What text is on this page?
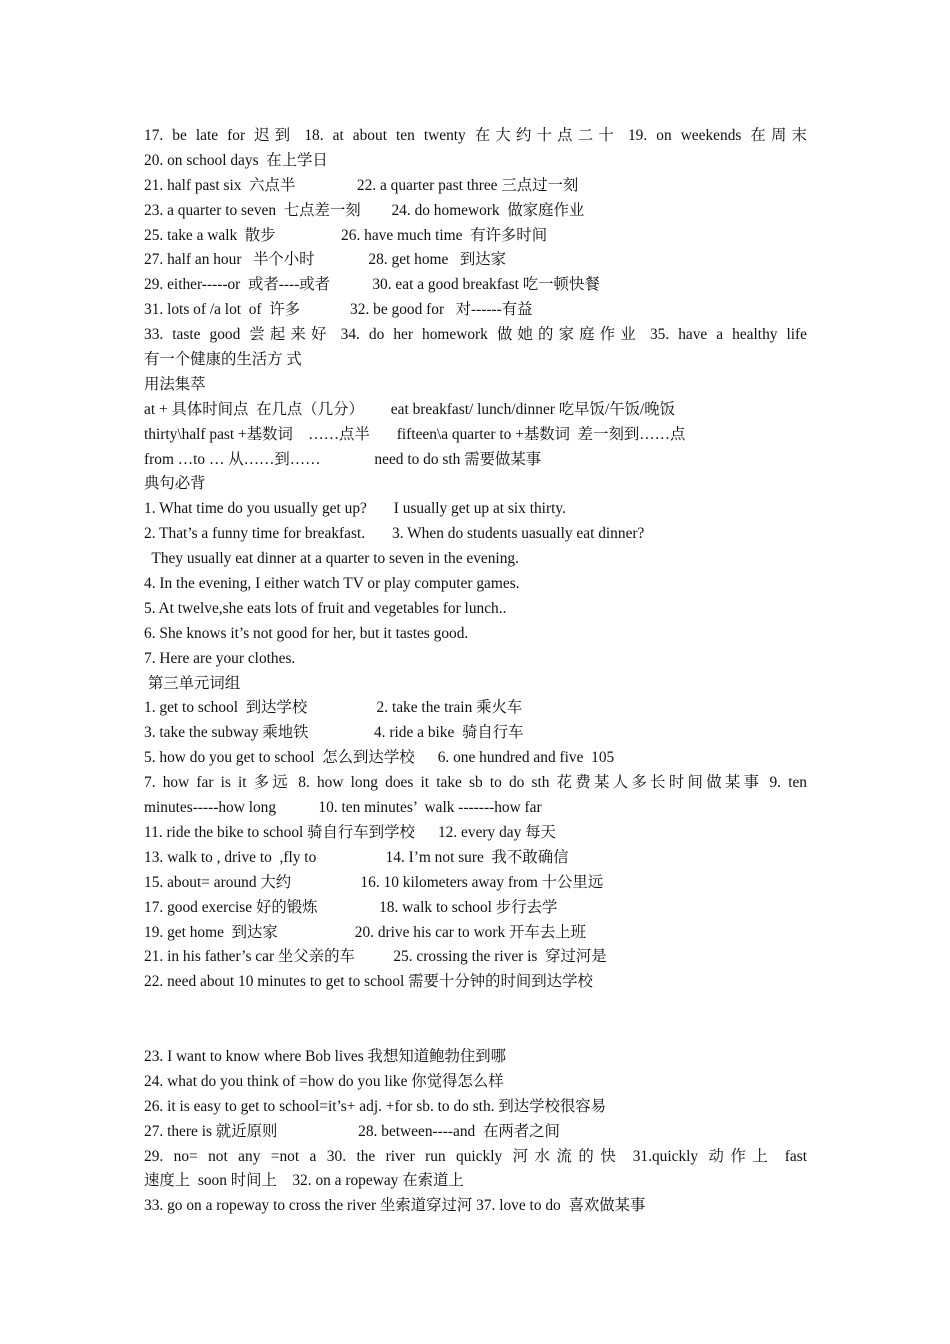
17. be late for 迟到 18. at about ten twenty 在大约十点二十 19. on weekends 在周末
20. on school days  在上学日
21. half past six  六点半                22. a quarter past three 三点过一刻
23. a quarter to seven  七点差一刻        24. do homework  做家庭作业
25. take a walk  散步                 26. have much time  有许多时间
27. half an hour   半个小时              28. get home   到达家
29. either-----or  或者----或者           30. eat a good breakfast 吃一顿快餐
31. lots of /a lot  of  许多             32. be good for   对------有益
33. taste good 尝起来好 34. do her homework 做她的家庭作业 35. have a healthy life
有一个健康的生活方 式
用法集萃
at + 具体时间点  在几点（几分）       eat breakfast/ lunch/dinner 吃早饭/午饭/晚饭
thirty\half past +基数词    ……点半       fifteen\a quarter to +基数词  差一刻到……点
from …to … 从……到……              need to do sth 需要做某事
典句必背
1. What time do you usually get up?       I usually get up at six thirty.
2. That’s a funny time for breakfast.       3. When do students uasually eat dinner?
They usually eat dinner at a quarter to seven in the evening.
4. In the evening, I either watch TV or play computer games.
5. At twelve,she eats lots of fruit and vegetables for lunch..
6. She knows it’s not good for her, but it tastes good.
7. Here are your clothes.
第三单元词组
1. get to school  到达学校                  2. take the train 乘火车
3. take the subway 乘地铁                 4. ride a bike  骑自行车
5. how do you get to school  怎么到达学校      6. one hundred and five  105
7. how far is it 多远 8. how long does it take sb to do sth 花费某人多长时间做某事 9. ten
minutes-----how long           10. ten minutes’  walk -------how far
11. ride the bike to school 骑自行车到学校      12. every day 每天
13. walk to , drive to  ,fly to                  14. I’m not sure  我不敢确信
15. about= around 大约                  16. 10 kilometers away from 十公里远
17. good exercise 好的锻炼                18. walk to school 步行去学
19. get home  到达家                    20. drive his car to work 开车去上班
21. in his father’s car 坐父亲的车          25. crossing the river is  穿过河是
22. need about 10 minutes to get to school 需要十分钟的时间到达学校
23. I want to know where Bob lives 我想知道鲍勃住到哪
24. what do you think of =how do you like 你觉得怎么样
26. it is easy to get to school=it’s+ adj. +for sb. to do sth. 到达学校很容易
27. there is 就近原则                     28. between----and  在两者之间
29. no= not any =not a 30. the river run quickly 河水流的快 31.quickly 动作上 fast
速度上  soon 时间上    32. on a ropeway 在索道上
33. go on a ropeway to cross the river 坐索道穿过河 37. love to do  喜欢做某事
